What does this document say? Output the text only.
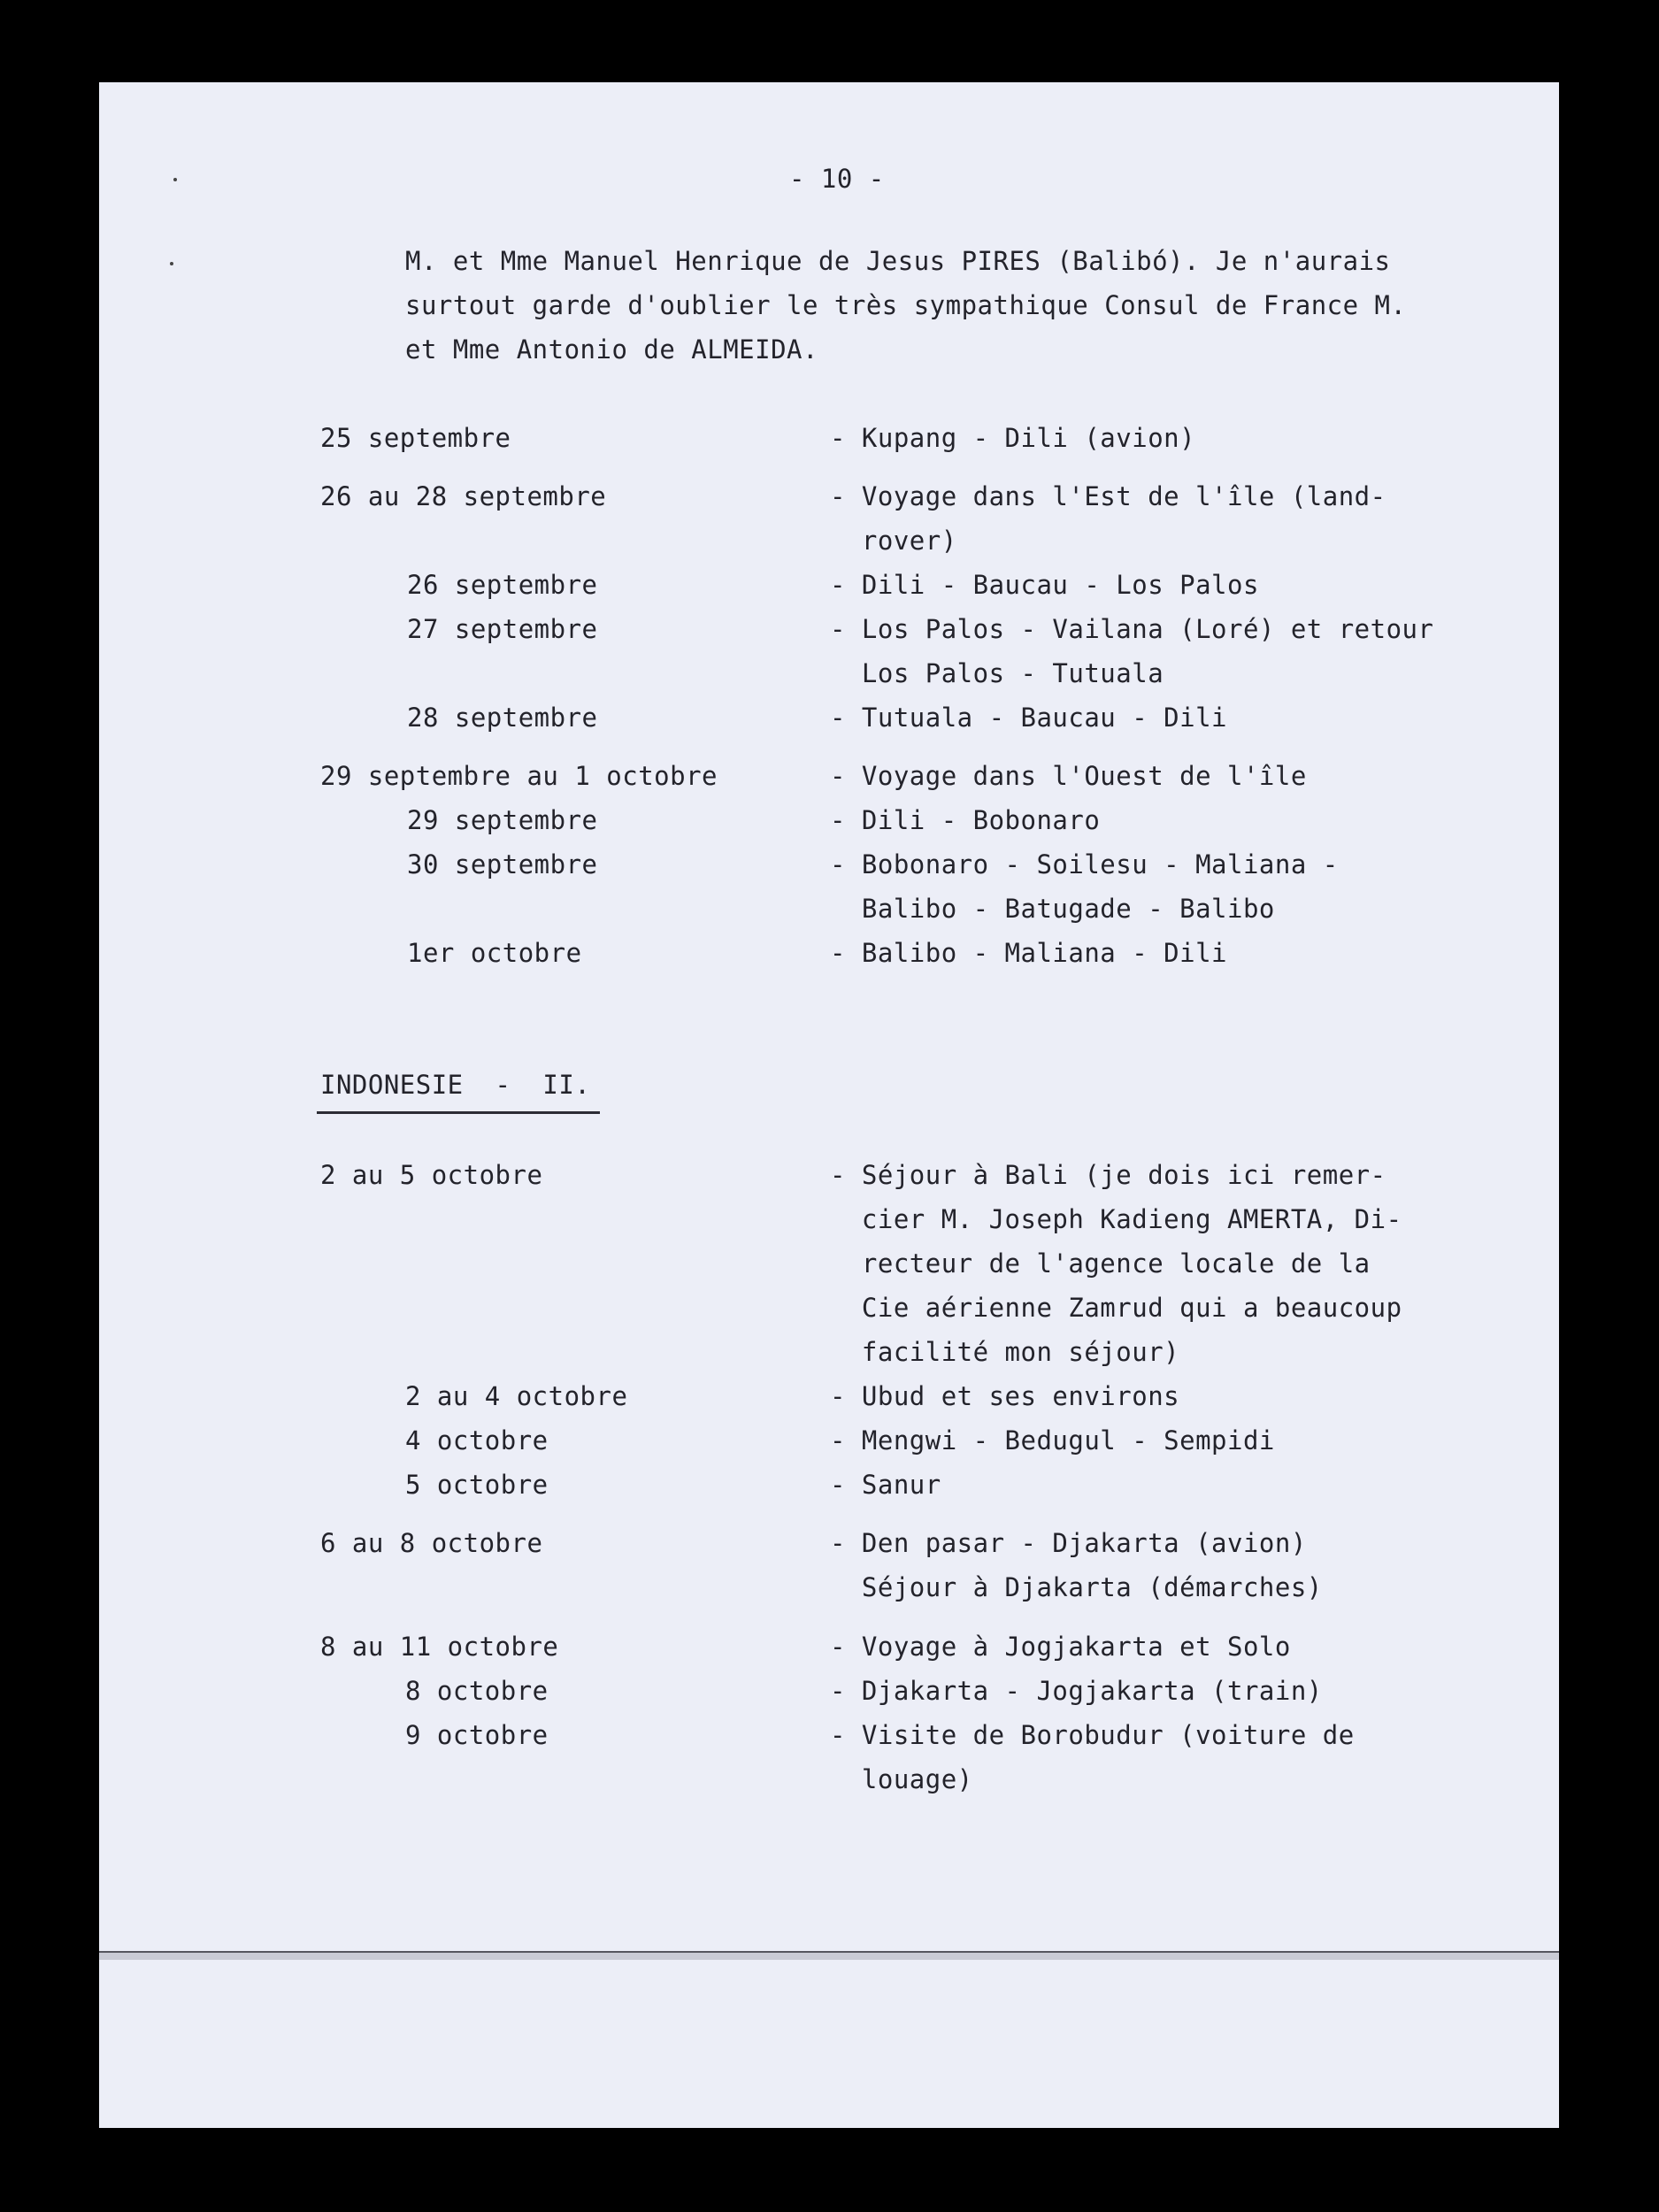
- 10 -
M. et Mme Manuel Henrique de Jesus PIRES (Balibó). Je n'aurais
surtout garde d'oublier le très sympathique Consul de France M.
et Mme Antonio de ALMEIDA.
25 septembre	- Kupang - Dili (avion)
26 au 28 septembre	- Voyage dans l'Est de l'île (land-
rover)
26 septembre	- Dili - Baucau - Los Palos
27 septembre	- Los Palos - Vailana (Loré) et retour
Los Palos - Tutuala
28 septembre	- Tutuala - Baucau - Dili
29 septembre au 1 octobre	- Voyage dans l'Ouest de l'île
29 septembre	- Dili - Bobonaro
30 septembre	- Bobonaro - Soilesu - Maliana -
Balibo - Batugade - Balibo
1er octobre	- Balibo - Maliana - Dili
INDONESIE  -  II.
2 au 5 octobre	- Séjour à Bali (je dois ici remer-
cier M. Joseph Kadieng AMERTA, Di-
recteur de l'agence locale de la
Cie aérienne Zamrud qui a beaucoup
facilité mon séjour)
2 au 4 octobre	- Ubud et ses environs
4 octobre	- Mengwi - Bedugul - Sempidi
5 octobre	- Sanur
6 au 8 octobre	- Den pasar - Djakarta (avion)
Séjour à Djakarta (démarches)
8 au 11 octobre	- Voyage à Jogjakarta et Solo
8 octobre	- Djakarta - Jogjakarta (train)
9 octobre	- Visite de Borobudur (voiture de
louage)
